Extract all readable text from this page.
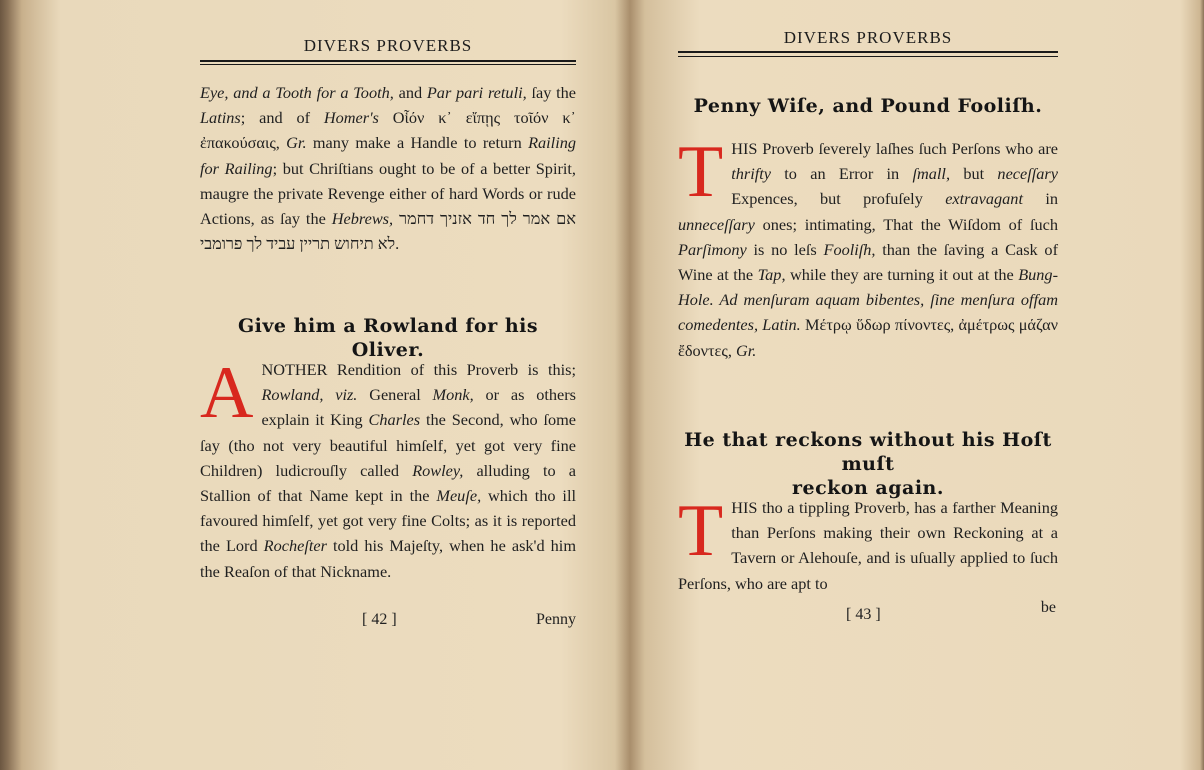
DIVERS PROVERBS
Eye, and a Tooth for a Tooth, and Par pari retuli, ſay the Latins; and of Homer's Οἷόν κ᾽ εἴπῃς τοῖόν κ᾽ ἐπακούσαις, Gr. many make a Handle to return Railing for Railing; but Chriſtians ought to be of a better Spirit, maugre the private Revenge either of hard Words or rude Actions, as ſay the Hebrews, אם אמר לך חד אזניך דחמר לא תיחוש תריין עביד לך פרומבי.
Give him a Rowland for his Oliver.
A NOTHER Rendition of this Proverb is this; Rowland, viz. General Monk, or as others explain it King Charles the Second, who ſome ſay (tho not very beautiful himſelf, yet got very fine Children) ludicrouſly called Rowley, alluding to a Stallion of that Name kept in the Meuſe, which tho ill favoured himſelf, yet got very fine Colts; as it is reported the Lord Rocheſter told his Majeſty, when he ask'd him the Reaſon of that Nickname.
[ 42 ]	Penny
DIVERS PROVERBS
Penny Wiſe, and Pound Fooliſh.
T HIS Proverb ſeverely laſhes ſuch Perſons who are thrifty to an Error in ſmall, but neceſſary Expences, but profuſely extravagant in unneceſſary ones; intimating, That the Wiſdom of ſuch Parſimony is no leſs Fooliſh, than the ſaving a Cask of Wine at the Tap, while they are turning it out at the Bung-Hole. Ad menſuram aquam bibentes, ſine menſura offam comedentes, Latin. Μέτρῳ ὕδωρ πίνοντες, ἀμέτρως μάζαν ἔδοντες, Gr.
He that reckons without his Hoſt muſt
reckon again.
T HIS tho a tippling Proverb, has a farther Meaning than Perſons making their own Reckoning at a Tavern or Alehouſe, and is uſually applied to ſuch Perſons, who are apt to
[ 43 ]	be
